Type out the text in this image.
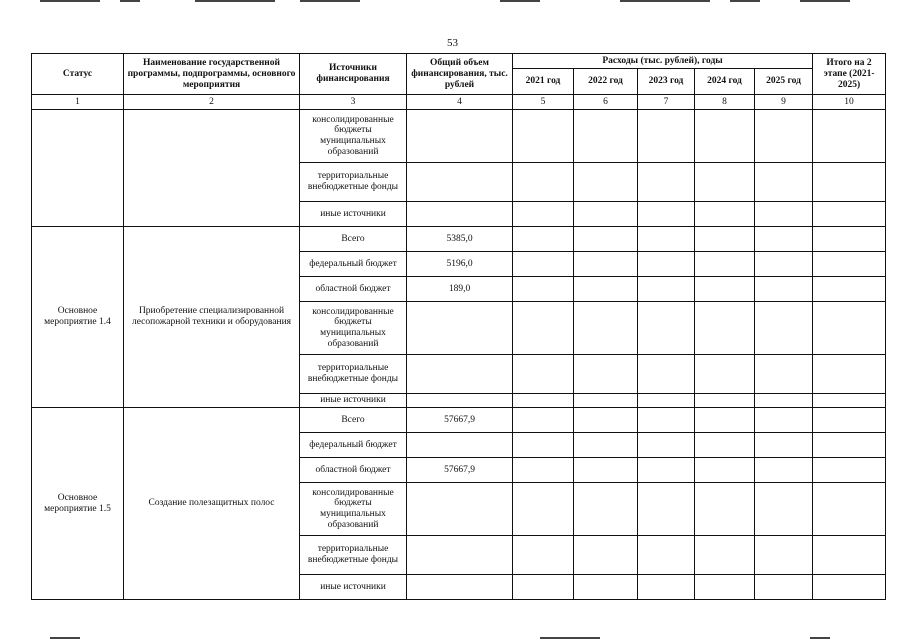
53
Статус	Наименование государственной программы, подпрограммы, основного мероприятия	Источники финансирования	Общий объем финансирования, тыс. рублей	Расходы (тыс. рублей), годы					Итого на 2 этапе (2021-2025)
				2021 год	2022 год	2023 год	2024 год	2025 год	
1	2	3	4	5	6	7	8	9	10
		консолидированные бюджеты муниципальных образований							
		территориальные внебюджетные фонды							
		иные источники							
Основное мероприятие 1.4	Приобретение специализированной лесопожарной техники и оборудования	Всего	5385,0						
		федеральный бюджет	5196,0						
		областной бюджет	189,0						
		консолидированные бюджеты муниципальных образований							
		территориальные внебюджетные фонды							
		иные источники							
Основное мероприятие 1.5	Создание полезащитных полос	Всего	57667,9						
		федеральный бюджет							
		областной бюджет	57667,9						
		консолидированные бюджеты муниципальных образований							
		территориальные внебюджетные фонды							
		иные источники							
